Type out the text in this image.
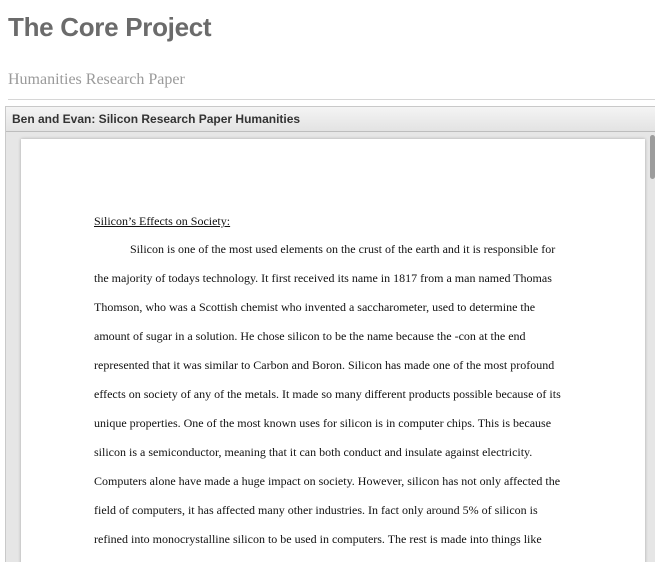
The Core Project
Humanities Research Paper
Ben and Evan: Silicon Research Paper Humanities
Silicon’s Effects on Society:
Silicon is one of the most used elements on the crust of the earth and it is responsible for
the majority of todays technology. It first received its name in 1817 from a man named Thomas
Thomson, who was a Scottish chemist who invented a saccharometer, used to determine the
amount of sugar in a solution. He chose silicon to be the name because the -con at the end
represented that it was similar to Carbon and Boron. Silicon has made one of the most profound
effects on society of any of the metals. It made so many different products possible because of its
unique properties. One of the most known uses for silicon is in computer chips. This is because
silicon is a semiconductor, meaning that it can both conduct and insulate against electricity.
Computers alone have made a huge impact on society. However, silicon has not only affected the
field of computers, it has affected many other industries. In fact only around 5% of silicon is
refined into monocrystalline silicon to be used in computers. The rest is made into things like
